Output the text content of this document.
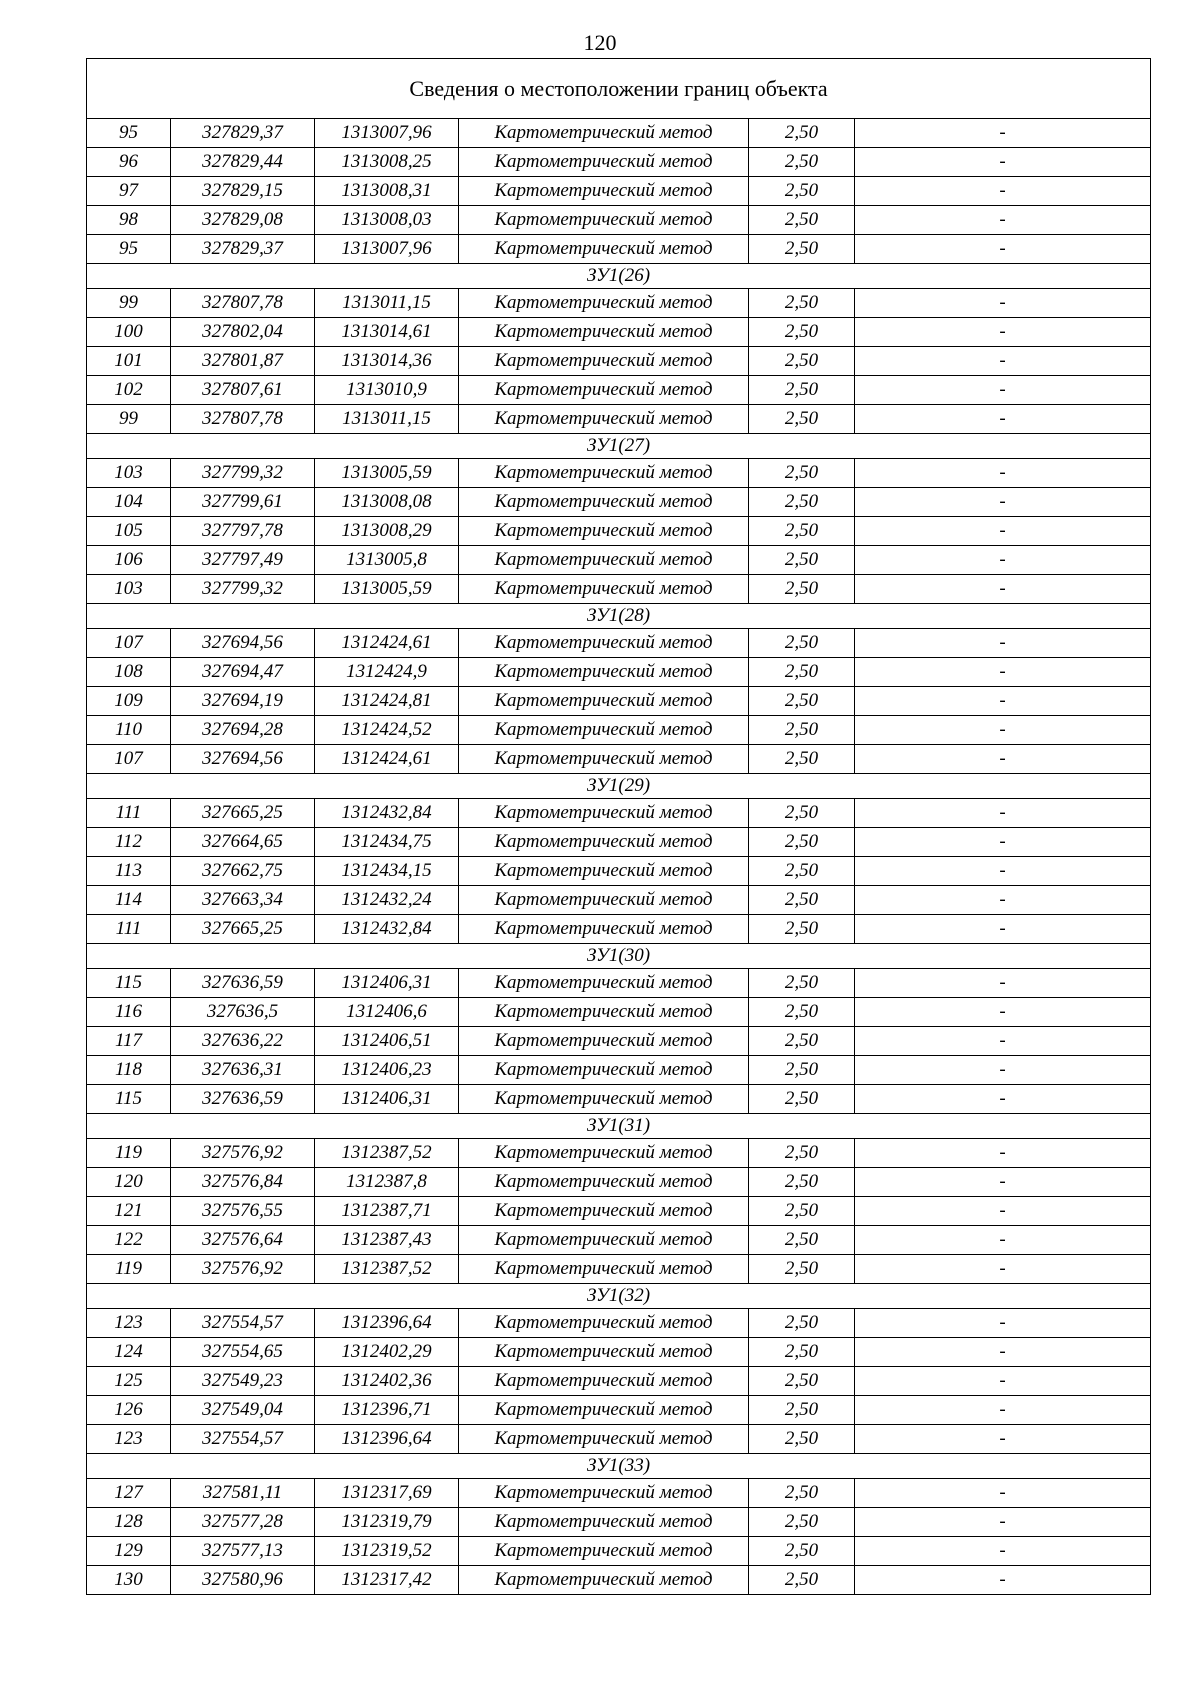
120
Сведения о местоположении границ объекта					
95	327829,37	1313007,96	Картометрический метод	2,50	-
96	327829,44	1313008,25	Картометрический метод	2,50	-
97	327829,15	1313008,31	Картометрический метод	2,50	-
98	327829,08	1313008,03	Картометрический метод	2,50	-
95	327829,37	1313007,96	Картометрический метод	2,50	-
ЗУ1(26)					
99	327807,78	1313011,15	Картометрический метод	2,50	-
100	327802,04	1313014,61	Картометрический метод	2,50	-
101	327801,87	1313014,36	Картометрический метод	2,50	-
102	327807,61	1313010,9	Картометрический метод	2,50	-
99	327807,78	1313011,15	Картометрический метод	2,50	-
ЗУ1(27)					
103	327799,32	1313005,59	Картометрический метод	2,50	-
104	327799,61	1313008,08	Картометрический метод	2,50	-
105	327797,78	1313008,29	Картометрический метод	2,50	-
106	327797,49	1313005,8	Картометрический метод	2,50	-
103	327799,32	1313005,59	Картометрический метод	2,50	-
ЗУ1(28)					
107	327694,56	1312424,61	Картометрический метод	2,50	-
108	327694,47	1312424,9	Картометрический метод	2,50	-
109	327694,19	1312424,81	Картометрический метод	2,50	-
110	327694,28	1312424,52	Картометрический метод	2,50	-
107	327694,56	1312424,61	Картометрический метод	2,50	-
ЗУ1(29)					
111	327665,25	1312432,84	Картометрический метод	2,50	-
112	327664,65	1312434,75	Картометрический метод	2,50	-
113	327662,75	1312434,15	Картометрический метод	2,50	-
114	327663,34	1312432,24	Картометрический метод	2,50	-
111	327665,25	1312432,84	Картометрический метод	2,50	-
ЗУ1(30)					
115	327636,59	1312406,31	Картометрический метод	2,50	-
116	327636,5	1312406,6	Картометрический метод	2,50	-
117	327636,22	1312406,51	Картометрический метод	2,50	-
118	327636,31	1312406,23	Картометрический метод	2,50	-
115	327636,59	1312406,31	Картометрический метод	2,50	-
ЗУ1(31)					
119	327576,92	1312387,52	Картометрический метод	2,50	-
120	327576,84	1312387,8	Картометрический метод	2,50	-
121	327576,55	1312387,71	Картометрический метод	2,50	-
122	327576,64	1312387,43	Картометрический метод	2,50	-
119	327576,92	1312387,52	Картометрический метод	2,50	-
ЗУ1(32)					
123	327554,57	1312396,64	Картометрический метод	2,50	-
124	327554,65	1312402,29	Картометрический метод	2,50	-
125	327549,23	1312402,36	Картометрический метод	2,50	-
126	327549,04	1312396,71	Картометрический метод	2,50	-
123	327554,57	1312396,64	Картометрический метод	2,50	-
ЗУ1(33)					
127	327581,11	1312317,69	Картометрический метод	2,50	-
128	327577,28	1312319,79	Картометрический метод	2,50	-
129	327577,13	1312319,52	Картометрический метод	2,50	-
130	327580,96	1312317,42	Картометрический метод	2,50	-
